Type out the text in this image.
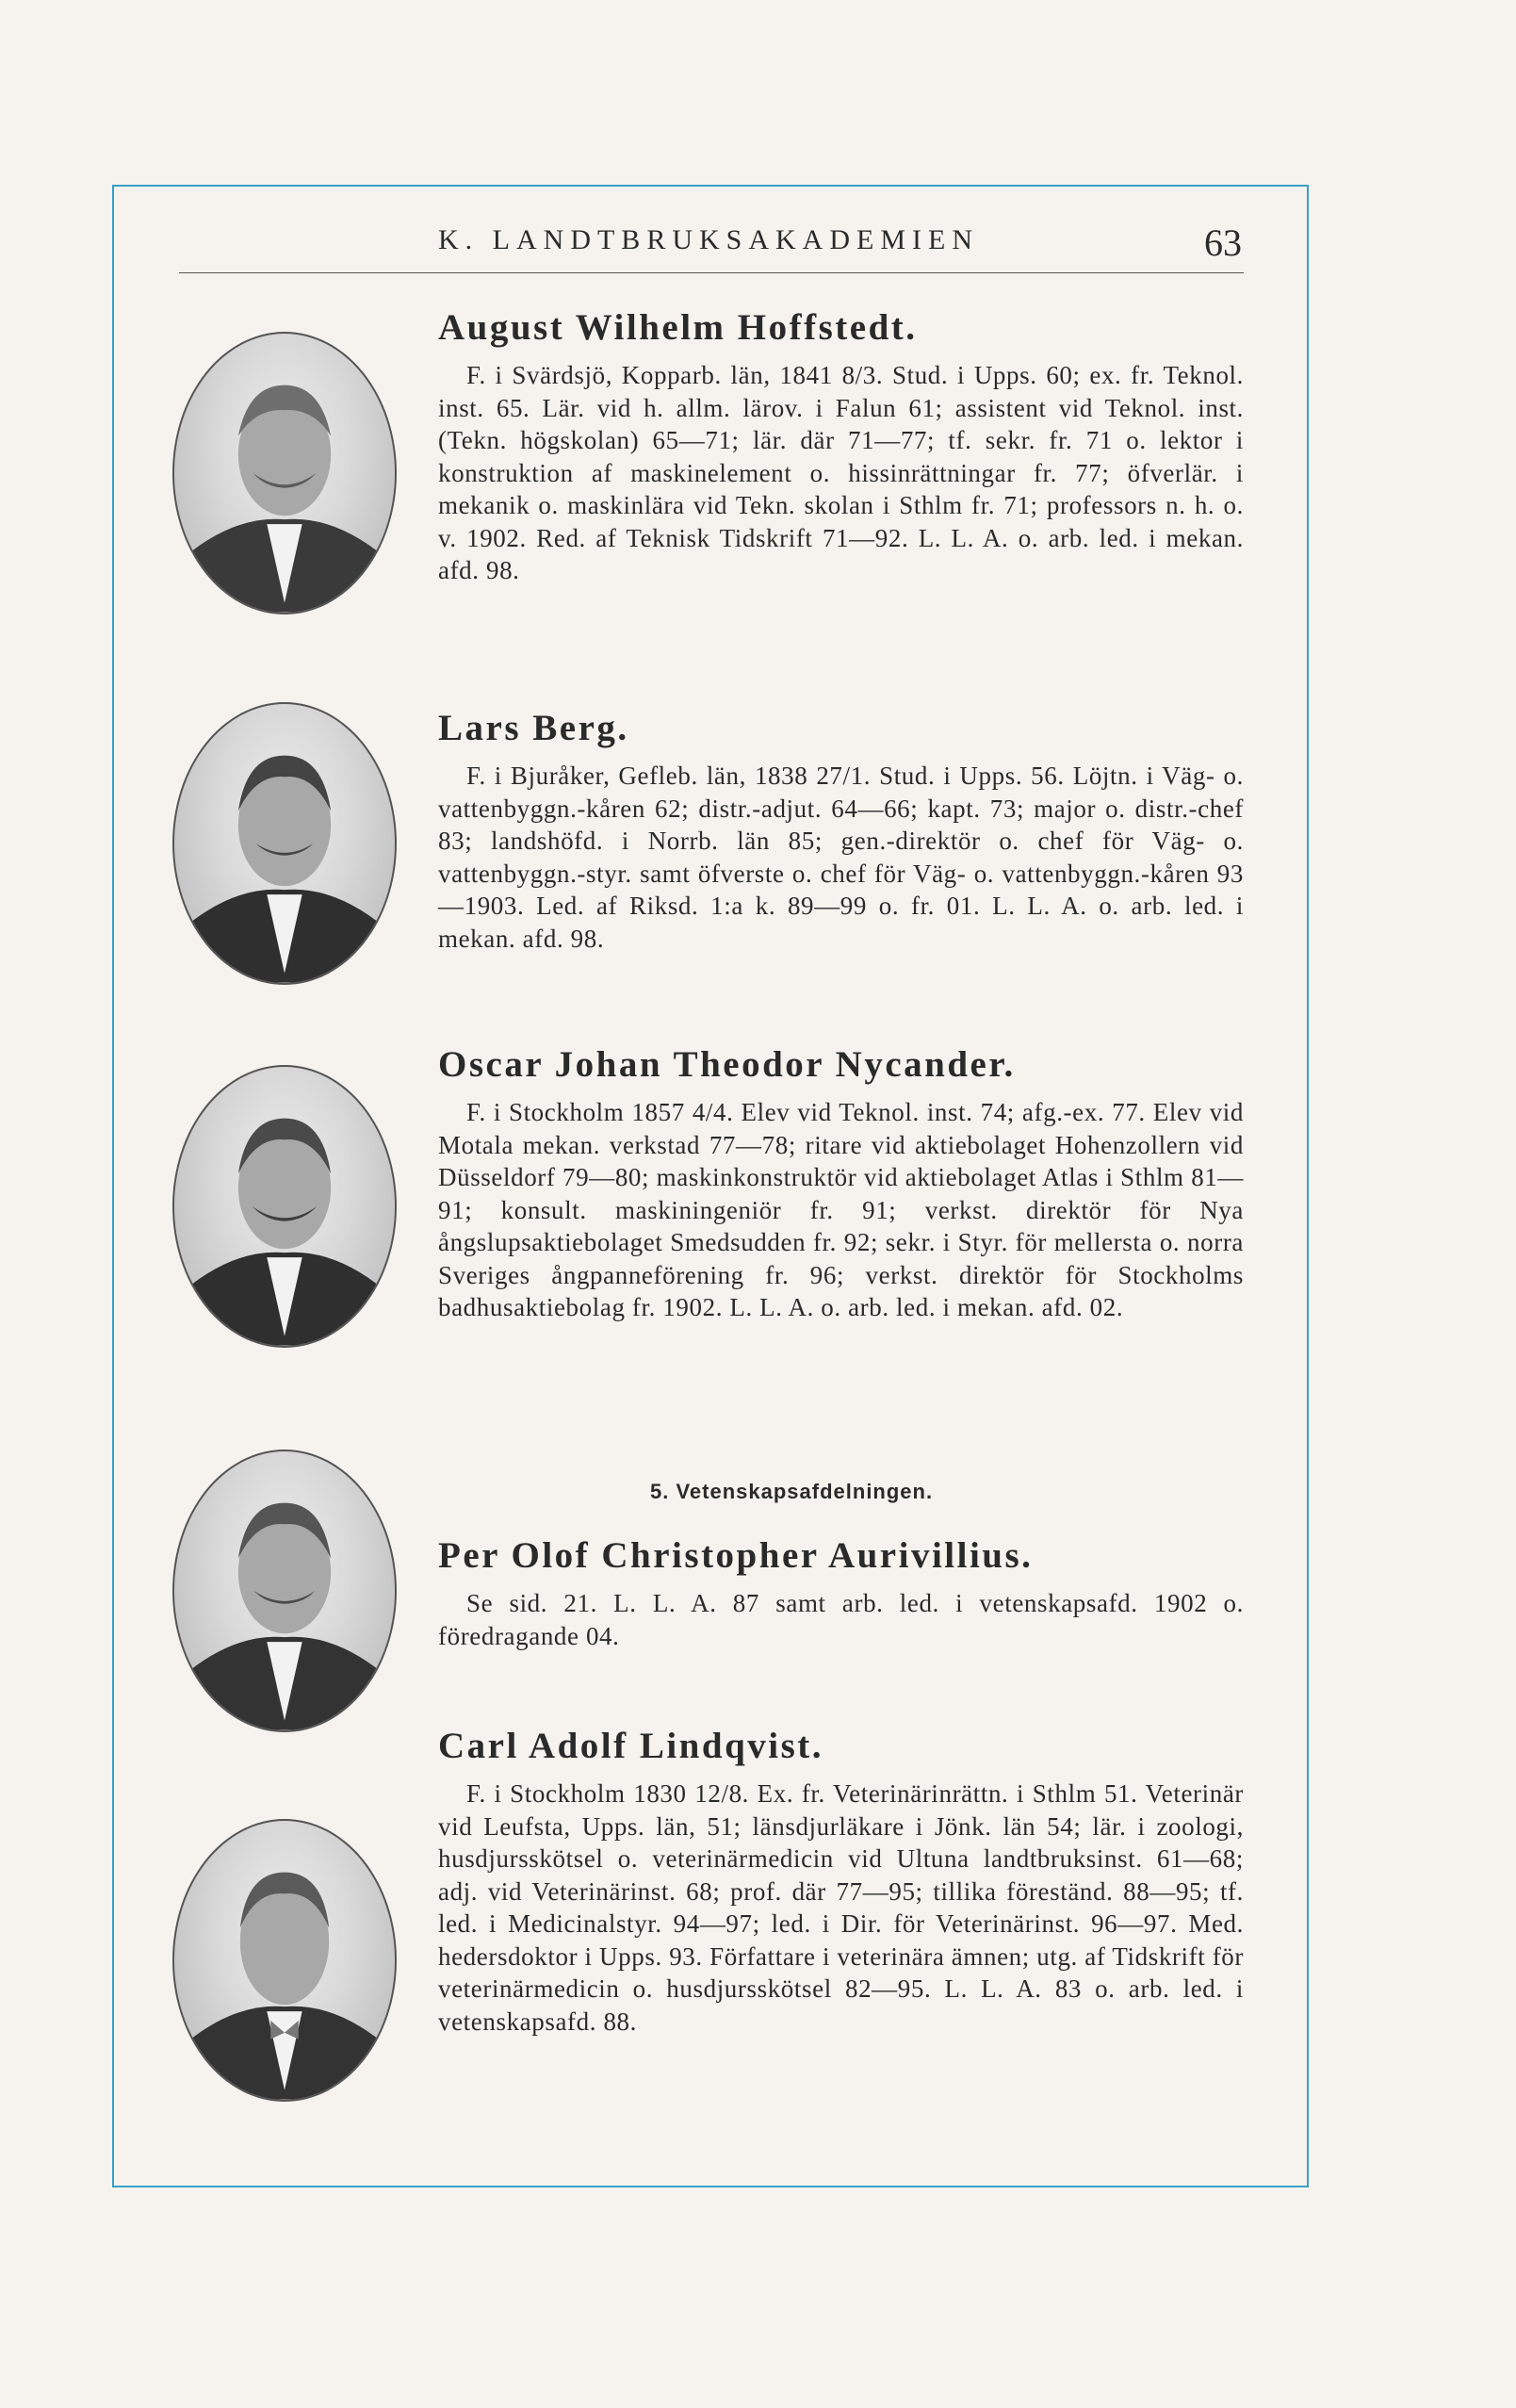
K. LANDTBRUKSAKADEMIEN	63
August Wilhelm Hoffstedt.

F. i Svärdsjö, Kopparb. län, 1841 8/3. Stud. i Upps. 60; ex. fr. Teknol. inst. 65. Lär. vid h. allm. lärov. i Falun 61; assistent vid Teknol. inst. (Tekn. högskolan) 65—71; lär. där 71—77; tf. sekr. fr. 71 o. lektor i konstruktion af maskinelement o. hissinrättningar fr. 77; öfverlär. i mekanik o. maskinlära vid Tekn. skolan i Sthlm fr. 71; professors n. h. o. v. 1902. Red. af Teknisk Tidskrift 71—92. L. L. A. o. arb. led. i mekan. afd. 98.

Lars Berg.

F. i Bjuråker, Gefleb. län, 1838 27/1. Stud. i Upps. 56. Löjtn. i Väg- o. vattenbyggn.-kåren 62; distr.-adjut. 64—66; kapt. 73; major o. distr.-chef 83; landshöfd. i Norrb. län 85; gen.-direktör o. chef för Väg- o. vattenbyggn.-styr. samt öfverste o. chef för Väg- o. vattenbyggn.-kåren 93—1903. Led. af Riksd. 1:a k. 89—99 o. fr. 01. L. L. A. o. arb. led. i mekan. afd. 98.

Oscar Johan Theodor Nycander.

F. i Stockholm 1857 4/4. Elev vid Teknol. inst. 74; afg.-ex. 77. Elev vid Motala mekan. verkstad 77—78; ritare vid aktiebolaget Hohenzollern vid Düsseldorf 79—80; maskinkonstruktör vid aktiebolaget Atlas i Sthlm 81—91; konsult. maskiningeniör fr. 91; verkst. direktör för Nya ångslupsaktiebolaget Smedsudden fr. 92; sekr. i Styr. för mellersta o. norra Sveriges ångpanneförening fr. 96; verkst. direktör för Stockholms badhusaktiebolag fr. 1902. L. L. A. o. arb. led. i mekan. afd. 02.

5. Vetenskapsafdelningen.
Per Olof Christopher Aurivillius.

Se sid. 21. L. L. A. 87 samt arb. led. i vetenskapsafd. 1902 o. föredragande 04.

Carl Adolf Lindqvist.

F. i Stockholm 1830 12/8. Ex. fr. Veterinärinrättn. i Sthlm 51. Veterinär vid Leufsta, Upps. län, 51; länsdjurläkare i Jönk. län 54; lär. i zoologi, husdjursskötsel o. veterinärmedicin vid Ultuna landtbruksinst. 61—68; adj. vid Veterinärinst. 68; prof. där 77—95; tillika föreständ. 88—95; tf. led. i Medicinalstyr. 94—97; led. i Dir. för Veterinärinst. 96—97. Med. hedersdoktor i Upps. 93. Författare i veterinära ämnen; utg. af Tidskrift för veterinärmedicin o. husdjursskötsel 82—95. L. L. A. 83 o. arb. led. i vetenskapsafd. 88.
